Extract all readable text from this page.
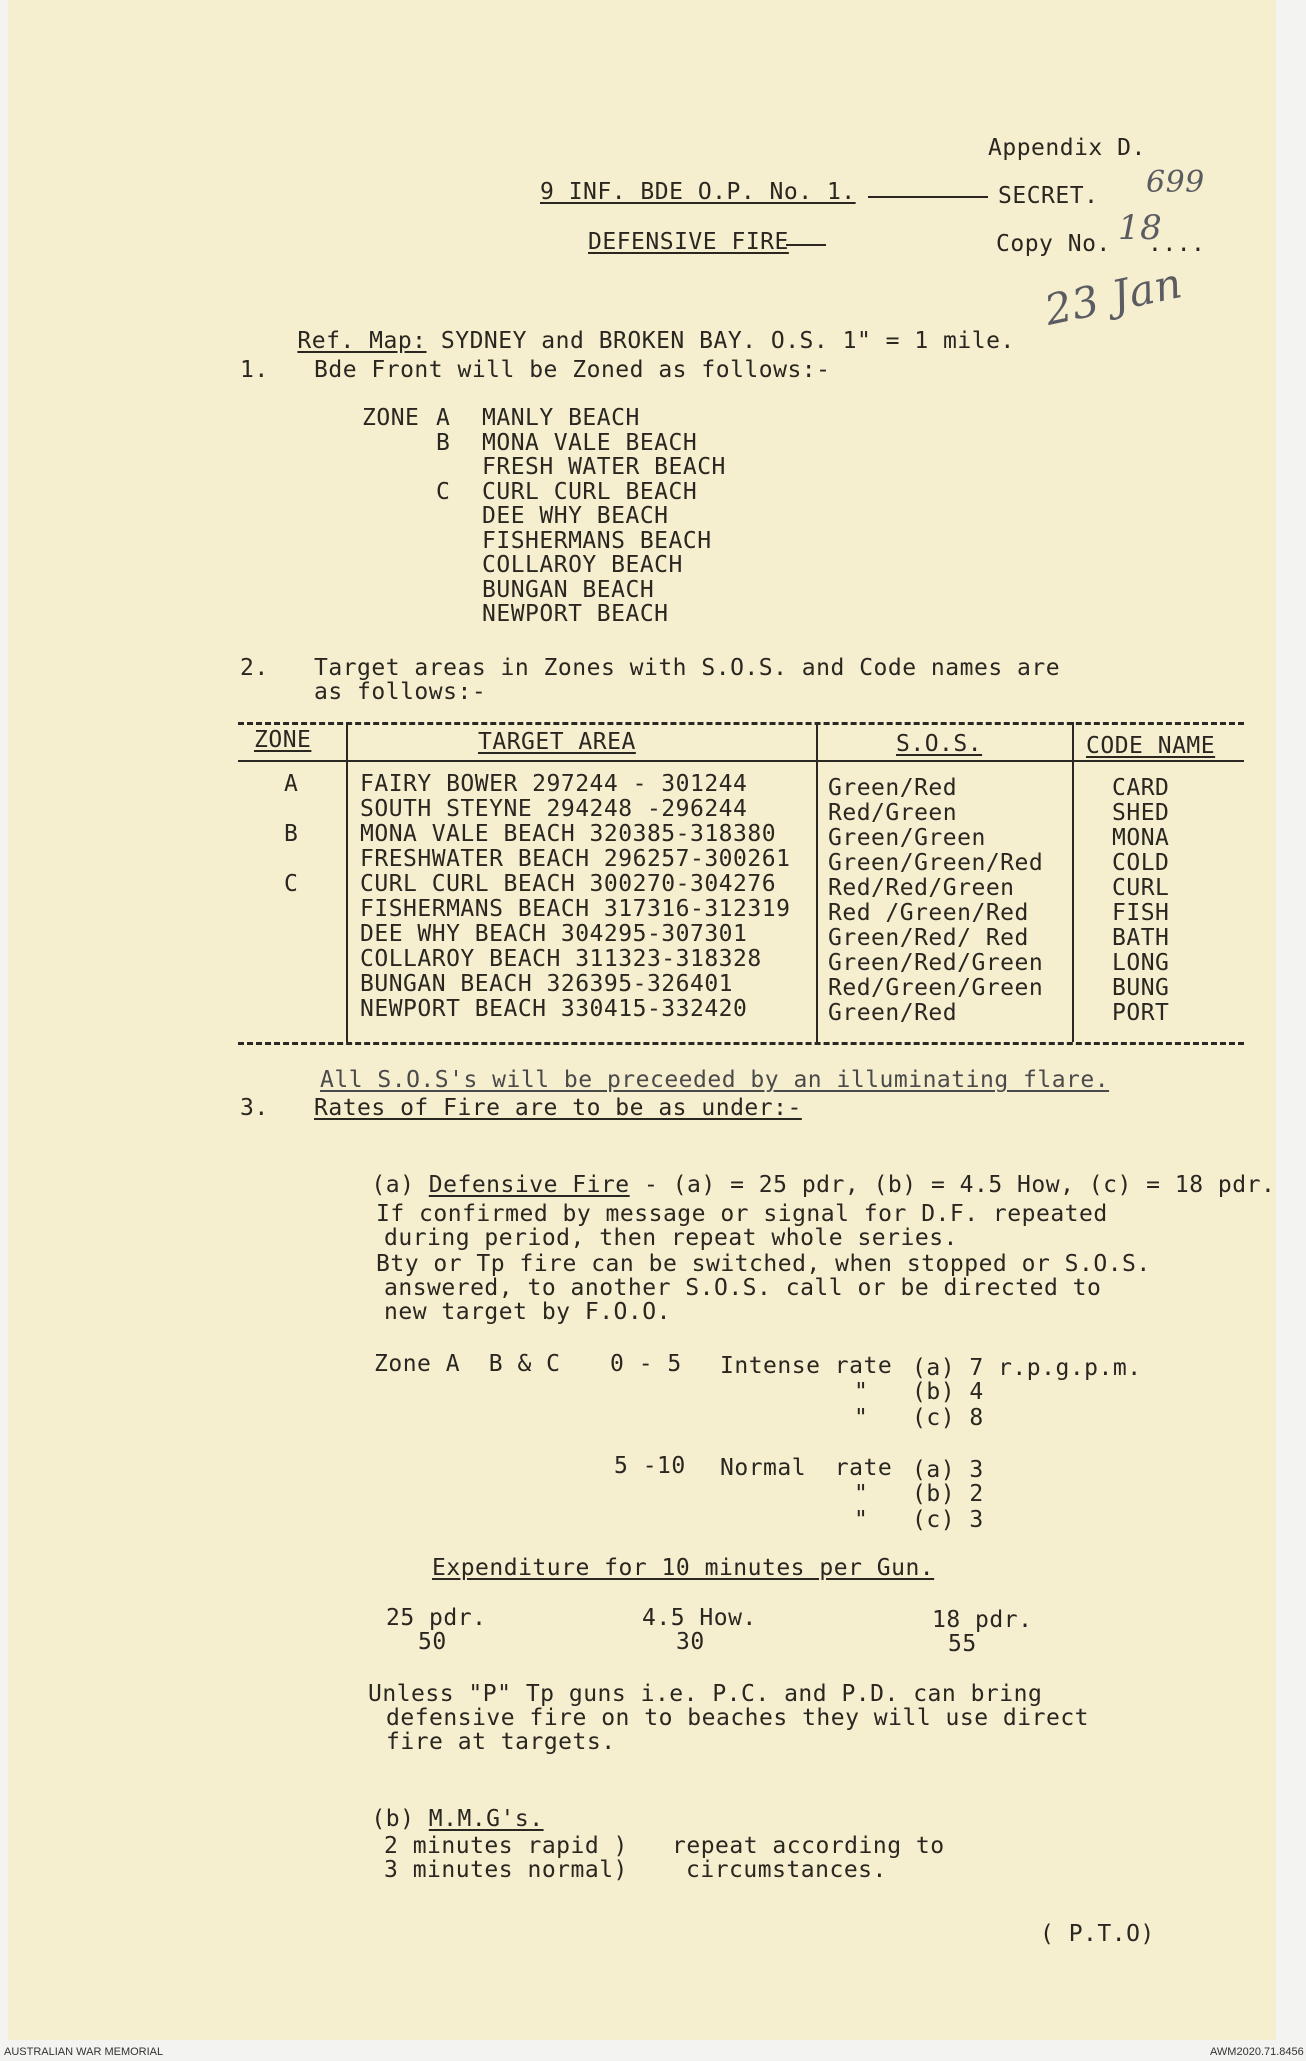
Appendix D.
9 INF. BDE O.P. No. 1.	SECRET. 699
DEFENSIVE FIRE	Copy No. 18
....
23 Jan

Ref. Map: SYDNEY and BROKEN BAY. O.S. 1" = 1 mile.

1. Bde Front will be Zoned as follows:-
ZONE A MANLY BEACH
B MONA VALE BEACH
FRESH WATER BEACH
C CURL CURL BEACH
DEE WHY BEACH
FISHERMANS BEACH
COLLAROY BEACH
BUNGAN BEACH
NEWPORT BEACH
2. Target areas in Zones with S.O.S. and Code names are
as follows:-
ZONE	TARGET AREA	S.O.S.	CODE NAME
A	FAIRY BOWER 297244 - 301244	Green/Red	CARD
SOUTH STEYNE 294248 -296244	Red/Green	SHED
B	MONA VALE BEACH 320385-318380 Green/Green	MONA
FRESHWATER BEACH 296257-300261 Green/Green/Red	COLD
C	CURL CURL BEACH 300270-304276 Red/Red/Green	CURL
FISHERMANS BEACH 317316-312319 Red /Green/Red	FISH
DEE WHY BEACH 304295-307301	Green/Red/ Red	BATH
COLLAROY BEACH 311323-318328	Green/Red/Green	LONG
BUNGAN BEACH 326395-326401	Red/Green/Green	BUNG
NEWPORT BEACH 330415-332420	Green/Red	PORT
All S.O.S's will be preceeded by an illuminating flare.
3. Rates of Fire are to be as under:-

(a) Defensive Fire - (a) = 25 pdr, (b) = 4.5 How, (c) = 18 pdr.

If confirmed by message or signal for D.F. repeated
during period, then repeat whole series.
Bty or Tp fire can be switched, when stopped or S.O.S.
answered, to another S.O.S. call or be directed to
new target by F.O.O.
Zone A  B & C 0 - 5 Intense rate (a) 7 r.p.g.p.m.
" (b) 4
" (c) 8
5 -10 Normal  rate (a) 3
" (b) 2
" (c) 3
Expenditure for 10 minutes per Gun.
25 pdr.
50
4.5 How.
30
18 pdr.
55
Unless "P" Tp guns i.e. P.C. and P.D. can bring
defensive fire on to beaches they will use direct
fire at targets.

(b) M.M.G's.

2 minutes rapid ) repeat according to
3 minutes normal)	circumstances.
( P.T.O)
AUSTRALIAN WAR MEMORIAL	AWM2020.71.8456
